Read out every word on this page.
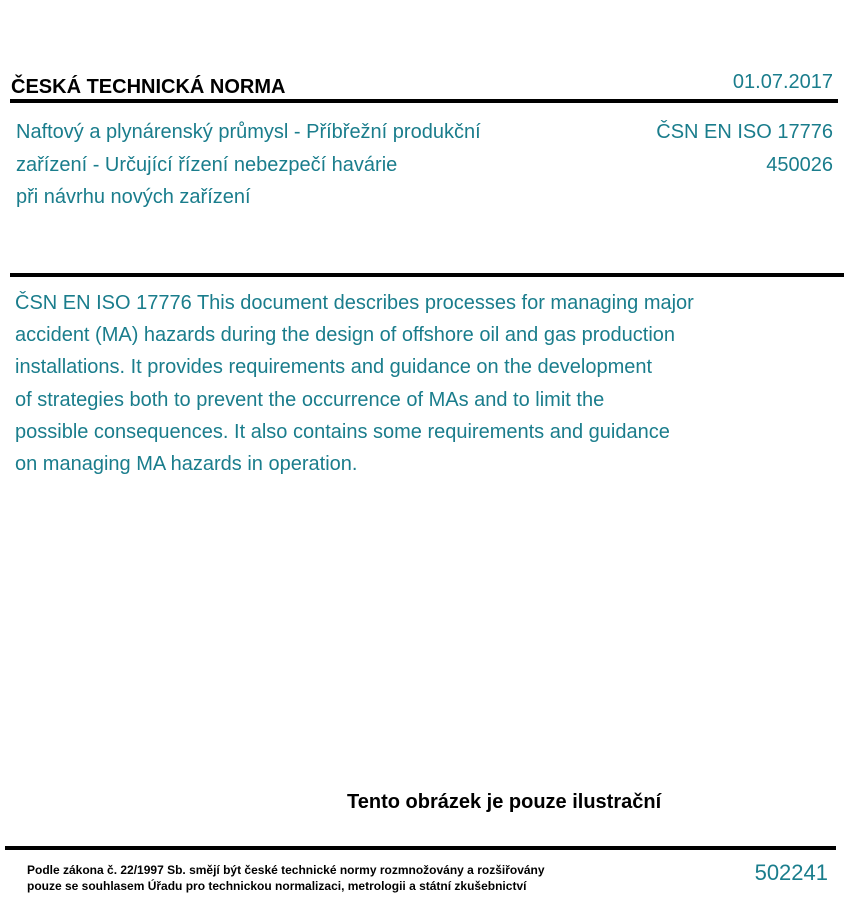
ČESKÁ TECHNICKÁ NORMA	01.07.2017
Naftový a plynárenský průmysl - Příbřežní produkční
zařízení - Určující řízení nebezpečí havárie
při návrhu nových zařízení
ČSN EN ISO 17776
450026
ČSN EN ISO 17776 This document describes processes for managing major
accident (MA) hazards during the design of offshore oil and gas production
installations. It provides requirements and guidance on the development
of strategies both to prevent the occurrence of MAs and to limit the
possible consequences. It also contains some requirements and guidance
on managing MA hazards in operation.
Tento obrázek je pouze ilustrační
Podle zákona č. 22/1997 Sb. smějí být české technické normy rozmnožovány a rozšiřovány
pouze se souhlasem Úřadu pro technickou normalizaci, metrologii a státní zkušebnictví
502241
